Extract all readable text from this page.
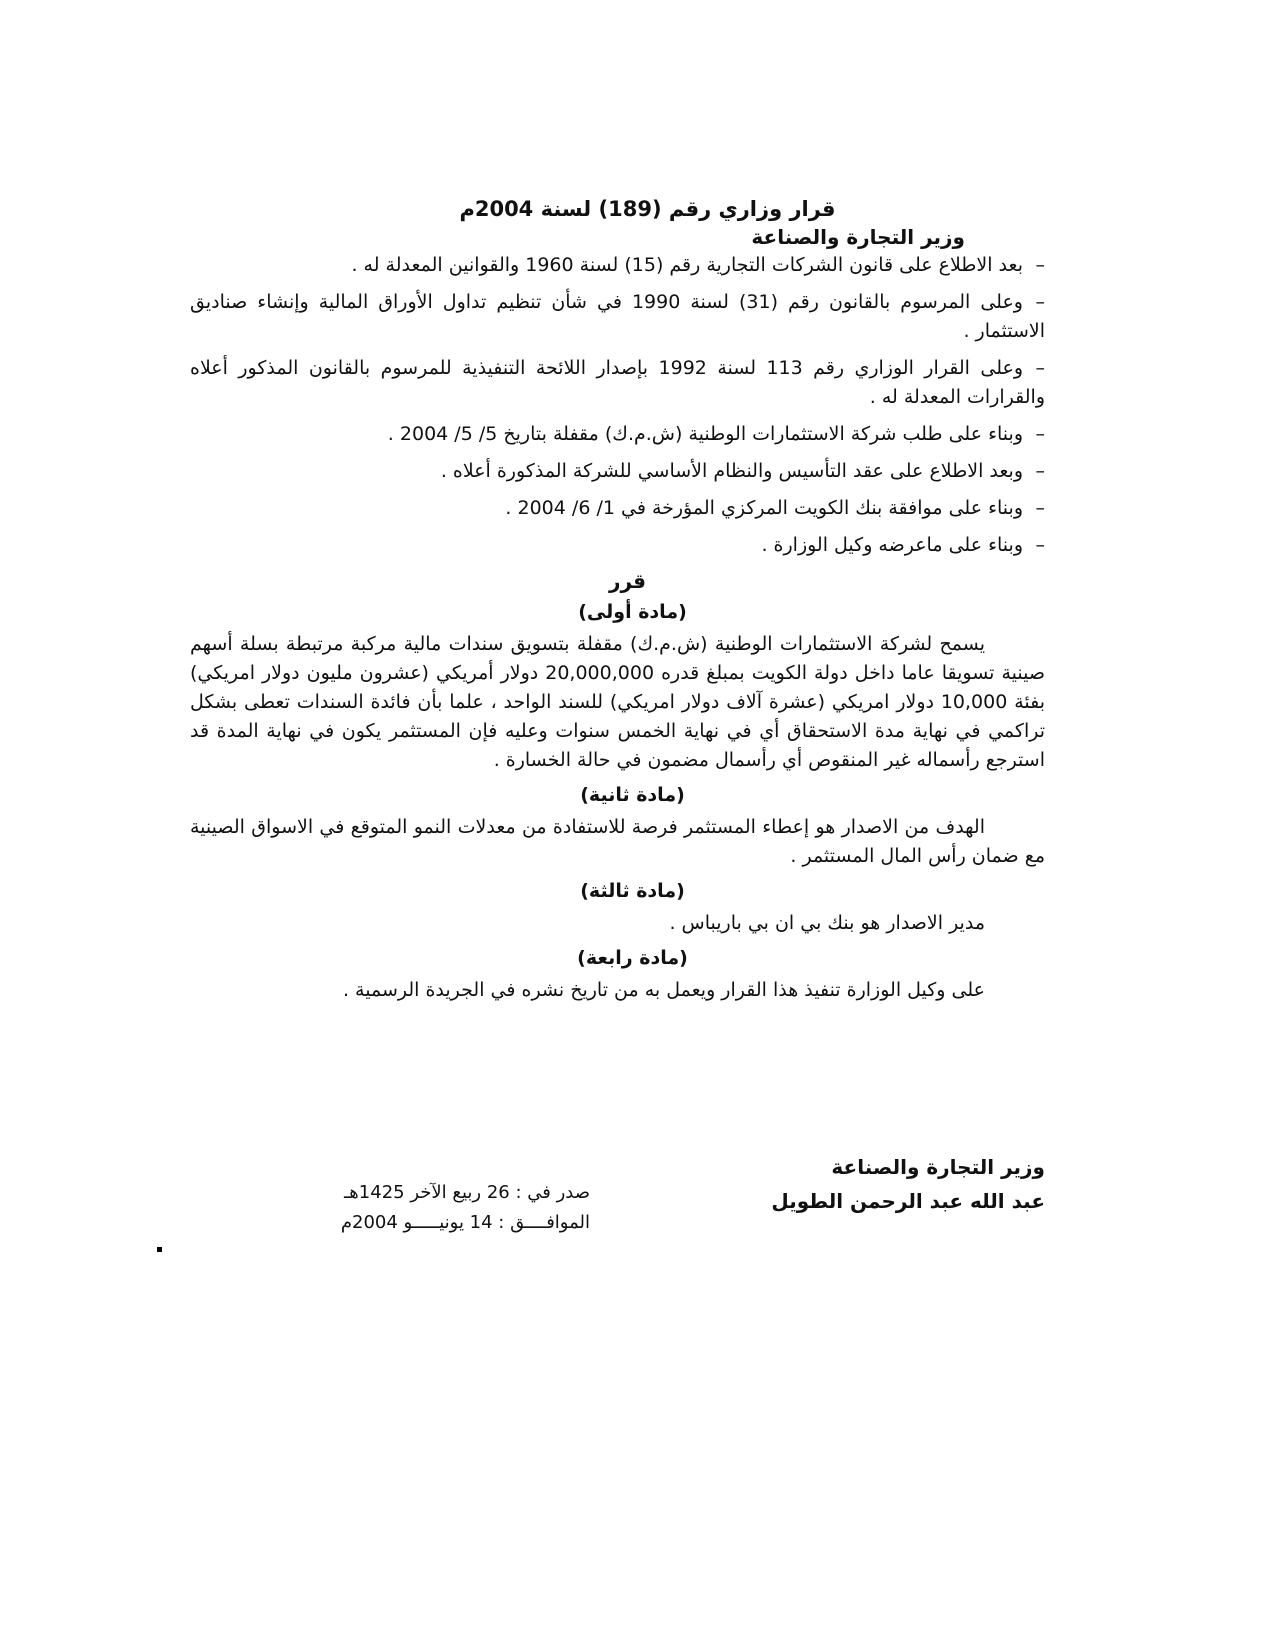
قرار وزاري رقم (189) لسنة 2004م
وزير التجارة والصناعة

–بعد الاطلاع على قانون الشركات التجارية رقم (15) لسنة 1960 والقوانين المعدلة له .

–وعلى المرسوم بالقانون رقم (31) لسنة 1990 في شأن تنظيم تداول الأوراق المالية وإنشاء صناديق الاستثمار .

–وعلى القرار الوزاري رقم 113 لسنة 1992 بإصدار اللائحة التنفيذية للمرسوم بالقانون المذكور أعلاه والقرارات المعدلة له .

–وبناء على طلب شركة الاستثمارات الوطنية (ش.م.ك) مقفلة بتاريخ 5/ 5/ 2004 .

–وبعد الاطلاع على عقد التأسيس والنظام الأساسي للشركة المذكورة أعلاه .

–وبناء على موافقة بنك الكويت المركزي المؤرخة في 1/ 6/ 2004 .

–وبناء على ماعرضه وكيل الوزارة .

قرر
(مادة أولى)

يسمح لشركة الاستثمارات الوطنية (ش.م.ك) مقفلة بتسويق سندات مالية مركبة مرتبطة بسلة أسهم صينية تسويقا عاما داخل دولة الكويت بمبلغ قدره 20,000,000 دولار أمريكي (عشرون مليون دولار امريكي) بفئة 10,000 دولار امريكي (عشرة آلاف دولار امريكي) للسند الواحد ، علما بأن فائدة السندات تعطى بشكل تراكمي في نهاية مدة الاستحقاق أي في نهاية الخمس سنوات وعليه فإن المستثمر يكون في نهاية المدة قد استرجع رأسماله غير المنقوص أي رأسمال مضمون في حالة الخسارة .

(مادة ثانية)

الهدف من الاصدار هو إعطاء المستثمر فرصة للاستفادة من معدلات النمو المتوقع في الاسواق الصينية مع ضمان رأس المال المستثمر .

(مادة ثالثة)

مدير الاصدار هو بنك بي ان بي باريباس .

(مادة رابعة)

على وكيل الوزارة تنفيذ هذا القرار ويعمل به من تاريخ نشره في الجريدة الرسمية .

وزير التجارة والصناعة
عبد الله عبد الرحمن الطويل
صدر في : 26 ربيع الآخر 1425هـ
الموافــــق : 14 يونيـــــو 2004م
